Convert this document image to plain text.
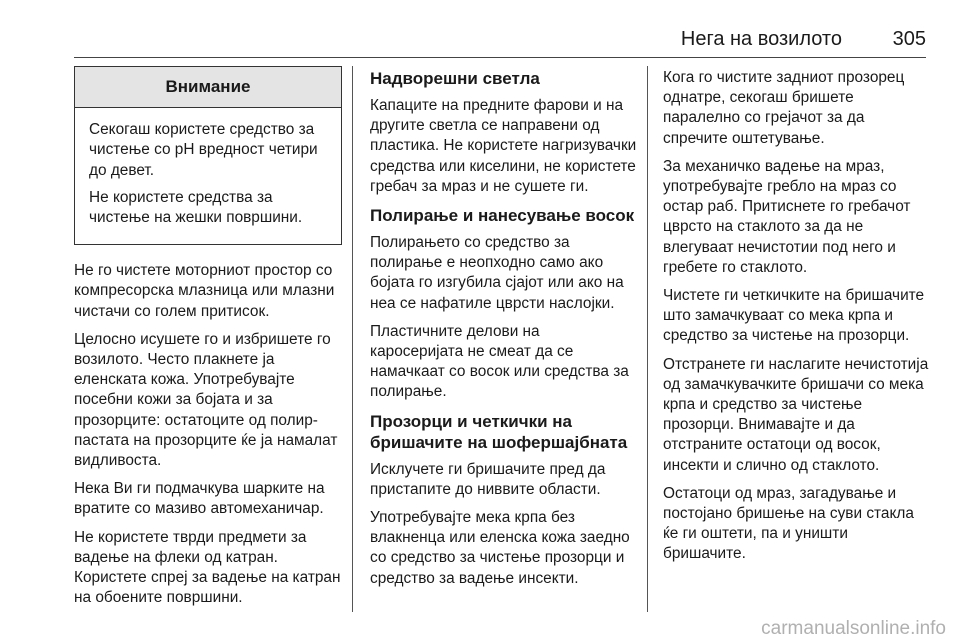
Нега на возилото	305
Внимание

Секогаш користете средство за чистење со pH вредност четири до девет.

Не користете средства за чистење на жешки површини.

Не го чистете моторниот простор со компресорска млазница или млазни чистачи со голем притисок.

Целосно исушете го и избришете го возилото. Често плакнете ја еленската кожа. Употребувајте посебни кожи за бојата и за прозорците: остатоците од полир-пастата на прозорците ќе ја намалат видливоста.

Нека Ви ги подмачкува шарките на вратите со мазиво автомеханичар.

Не користете тврди предмети за вадење на флеки од катран. Користете спреј за вадење на катран на обоените површини.

Надворешни светла

Капаците на предните фарови и на другите светла се направени од пластика. Не користете нагризувачки средства или киселини, не користете гребач за мраз и не сушете ги.

Полирање и нанесување восок

Полирањето со средство за полирање е неопходно само ако бојата го изгубила сјајот или ако на неа се нафатиле цврсти наслојки.

Пластичните делови на каросеријата не смеат да се намачкаат со восок или средства за полирање.

Прозорци и четкички на бришачите на шофершајбната

Исклучете ги бришачите пред да пристапите до ниввите области.

Употребувајте мека крпа без влакненца или еленска кожа заедно со средство за чистење прозорци и средство за вадење инсекти.

Кога го чистите задниот прозорец однатре, секогаш бришете паралелно со грејачот за да спречите оштетување.

За механичко вадење на мраз, употребувајте гребло на мраз со остар раб. Притиснете го гребачот цврсто на стаклото за да не влегуваат нечистотии под него и гребете го стаклото.

Чистете ги четкичките на бришачите што замачкуваат со мека крпа и средство за чистење на прозорци.

Отстранете ги наслагите нечистотија од замачкувачките бришачи со мека крпа и средство за чистење прозорци. Внимавајте и да отстраните остатоци од восок, инсекти и слично од стаклото.

Остатоци од мраз, загадување и постојано бришење на суви стакла ќе ги оштети, па и уништи бришачите.

carmanualsonline.info
